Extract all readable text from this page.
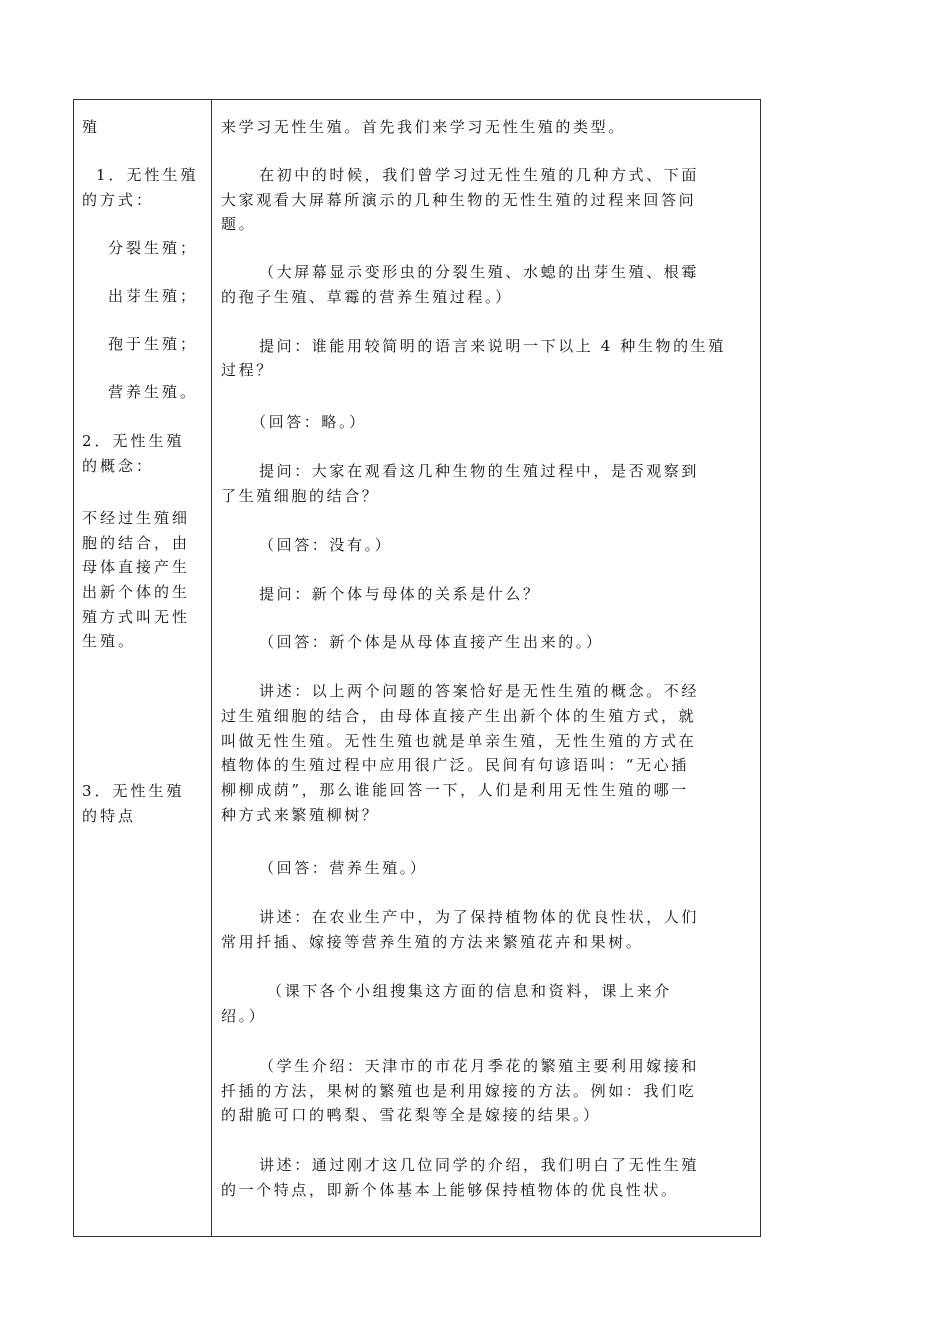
殖
1．无性生殖
的方式：
分裂生殖；
出芽生殖；
孢于生殖；
营养生殖。
2．无性生殖
的概念：
不经过生殖细
胞的结合，由
母体直接产生
出新个体的生
殖方式叫无性
生殖。
3．无性生殖
的特点
来学习无性生殖。首先我们来学习无性生殖的类型。
在初中的时候，我们曾学习过无性生殖的几种方式、下面
大家观看大屏幕所演示的几种生物的无性生殖的过程来回答问
题。
（大屏幕显示变形虫的分裂生殖、水螅的出芽生殖、根霉
的孢子生殖、草霉的营养生殖过程。）
提问：谁能用较简明的语言来说明一下以上 4 种生物的生殖
过程？
（回答：略。）
提问：大家在观看这几种生物的生殖过程中，是否观察到
了生殖细胞的结合？
（回答：没有。）
提问：新个体与母体的关系是什么？
（回答：新个体是从母体直接产生出来的。）
讲述：以上两个问题的答案恰好是无性生殖的概念。不经
过生殖细胞的结合，由母体直接产生出新个体的生殖方式，就
叫做无性生殖。无性生殖也就是单亲生殖，无性生殖的方式在
植物体的生殖过程中应用很广泛。民间有句谚语叫：“无心插
柳柳成荫”，那么谁能回答一下，人们是利用无性生殖的哪一
种方式来繁殖柳树？
（回答：营养生殖。）
讲述：在农业生产中，为了保持植物体的优良性状，人们
常用扦插、嫁接等营养生殖的方法来繁殖花卉和果树。
（课下各个小组搜集这方面的信息和资料，课上来介
绍。）
（学生介绍：天津市的市花月季花的繁殖主要利用嫁接和
扦插的方法，果树的繁殖也是利用嫁接的方法。例如：我们吃
的甜脆可口的鸭梨、雪花梨等全是嫁接的结果。）
讲述：通过刚才这几位同学的介绍，我们明白了无性生殖
的一个特点，即新个体基本上能够保持植物体的优良性状。
